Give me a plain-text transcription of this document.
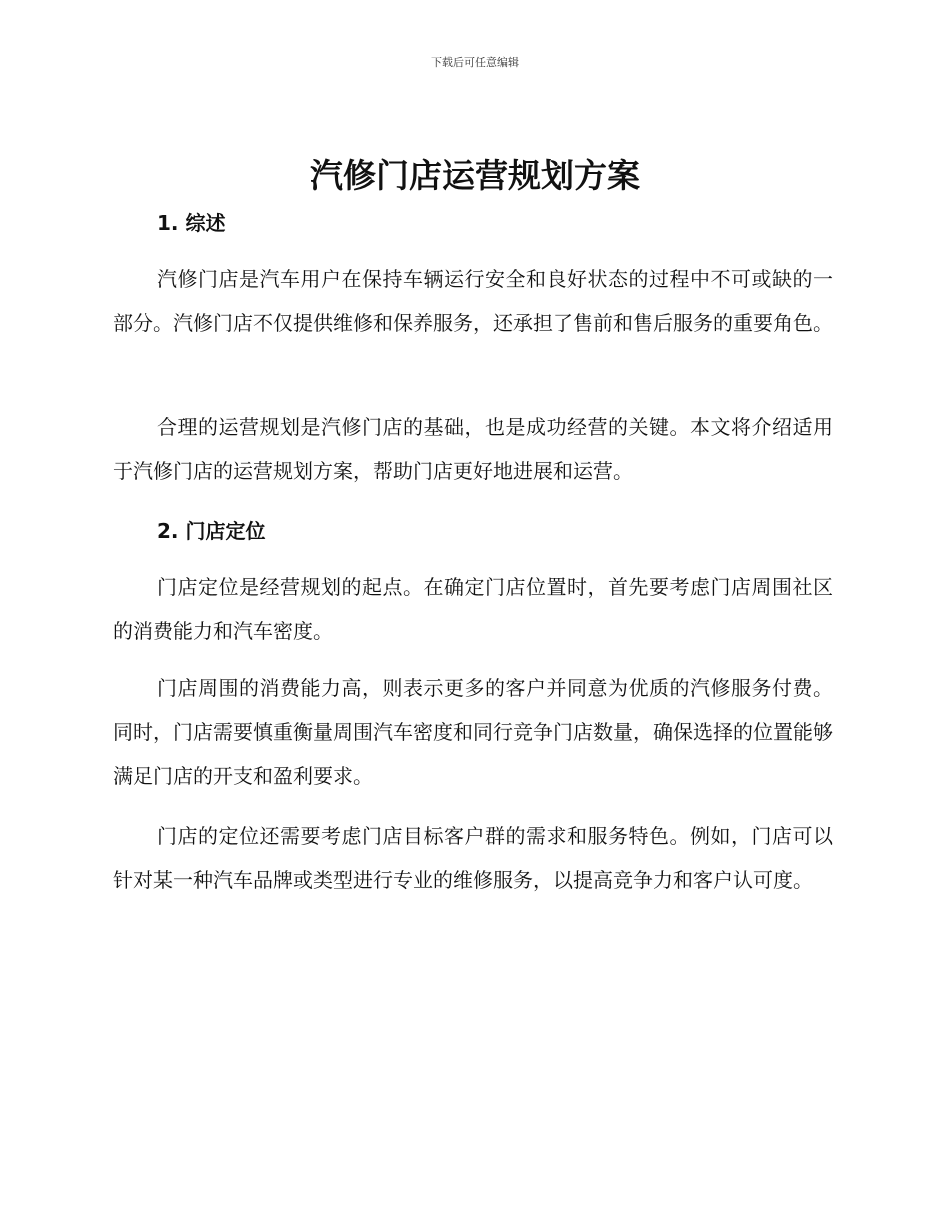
下载后可任意编辑
汽修门店运营规划方案
1. 综述

汽修门店是汽车用户在保持车辆运行安全和良好状态的过程中不可或缺的一部分。汽修门店不仅提供维修和保养服务，还承担了售前和售后服务的重要角色。

合理的运营规划是汽修门店的基础，也是成功经营的关键。本文将介绍适用于汽修门店的运营规划方案，帮助门店更好地进展和运营。

2. 门店定位

门店定位是经营规划的起点。在确定门店位置时，首先要考虑门店周围社区的消费能力和汽车密度。

门店周围的消费能力高，则表示更多的客户并同意为优质的汽修服务付费。同时，门店需要慎重衡量周围汽车密度和同行竞争门店数量，确保选择的位置能够满足门店的开支和盈利要求。

门店的定位还需要考虑门店目标客户群的需求和服务特色。例如，门店可以针对某一种汽车品牌或类型进行专业的维修服务，以提高竞争力和客户认可度。
